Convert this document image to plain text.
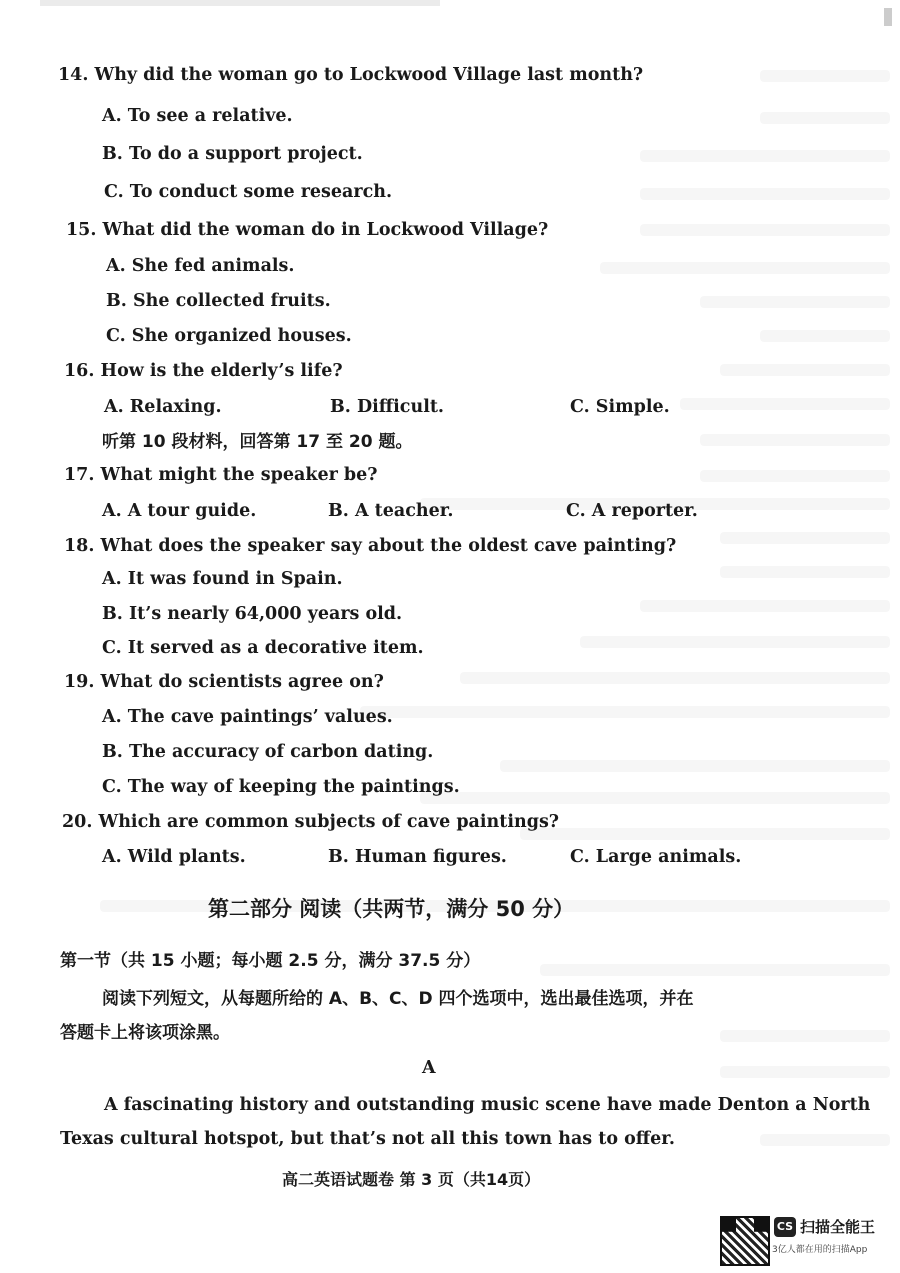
14. Why did the woman go to Lockwood Village last month?
A. To see a relative.
B. To do a support project.
C. To conduct some research.
15. What did the woman do in Lockwood Village?
A. She fed animals.
B. She collected fruits.
C. She organized houses.
16. How is the elderly’s life?
A. Relaxing.	B. Difficult.	C. Simple.
听第 10 段材料，回答第 17 至 20 题。
17. What might the speaker be?
A. A tour guide.	B. A teacher.	C. A reporter.
18. What does the speaker say about the oldest cave painting?
A. It was found in Spain.
B. It’s nearly 64,000 years old.
C. It served as a decorative item.
19. What do scientists agree on?
A. The cave paintings’ values.
B. The accuracy of carbon dating.
C. The way of keeping the paintings.
20. Which are common subjects of cave paintings?
A. Wild plants.	B. Human figures.	C. Large animals.
第二部分 阅读（共两节，满分 50 分）
第一节（共 15 小题；每小题 2.5 分，满分 37.5 分）
阅读下列短文，从每题所给的 A、B、C、D 四个选项中，选出最佳选项，并在
答题卡上将该项涂黑。
A
A fascinating history and outstanding music scene have made Denton a North
Texas cultural hotspot, but that’s not all this town has to offer.
高二英语试题卷 第 3 页（共14页）
CS 扫描全能王
3亿人都在用的扫描App
